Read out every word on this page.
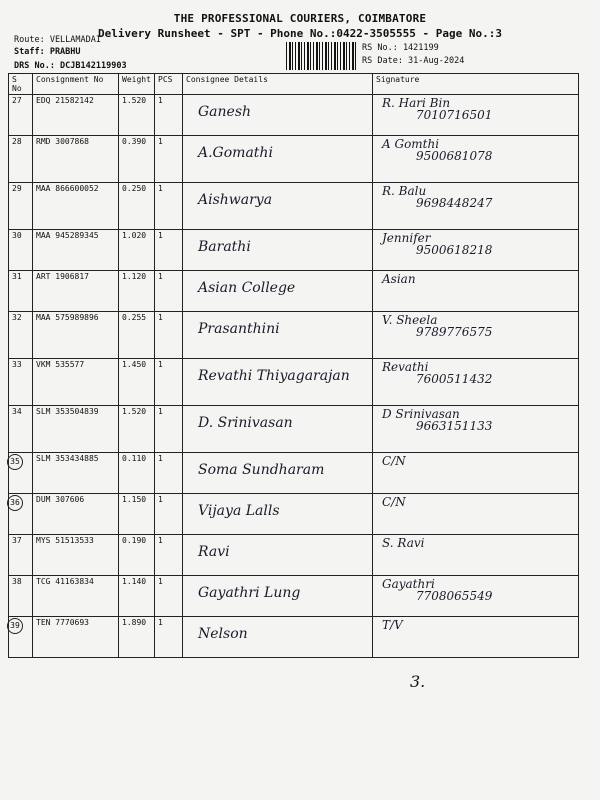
THE PROFESSIONAL COURIERS, COIMBATORE
Delivery Runsheet - SPT - Phone No.:0422-3505555 - Page No.:3
Route: VELLAMADAI
Staff: PRABHU
DRS No.: DCJB142119903
RS No.: 1421199
RS Date: 31-Aug-2024
S No	Consignment No	Weight	PCS	Consignee Details	Signature
27	EDQ 21582142	1.520	1	Ganesh	R. Hari Bin
7010716501

28	RMD 3007868	0.390	1	A.Gomathi	A Gomthi
9500681078

29	MAA 866600052	0.250	1	Aishwarya	R. Balu
9698448247

30	MAA 945289345	1.020	1	Barathi	Jennifer
9500618218

31	ART 1906817	1.120	1	Asian College	Asian

32	MAA 575989896	0.255	1	Prasanthini	V. Sheela
9789776575

33	VKM 535577	1.450	1	Revathi Thiyagarajan	Revathi
7600511432

34	SLM 353504839	1.520	1	D. Srinivasan	D Srinivasan
9663151133

35	SLM 353434885	0.110	1	Soma Sundharam	C/N

36	DUM 307606	1.150	1	Vijaya Lalls	C/N

37	MYS 51513533	0.190	1	Ravi	S. Ravi

38	TCG 41163834	1.140	1	Gayathri Lung	Gayathri
7708065549

39	TEN 7770693	1.890	1	Nelson	T/V
3.
